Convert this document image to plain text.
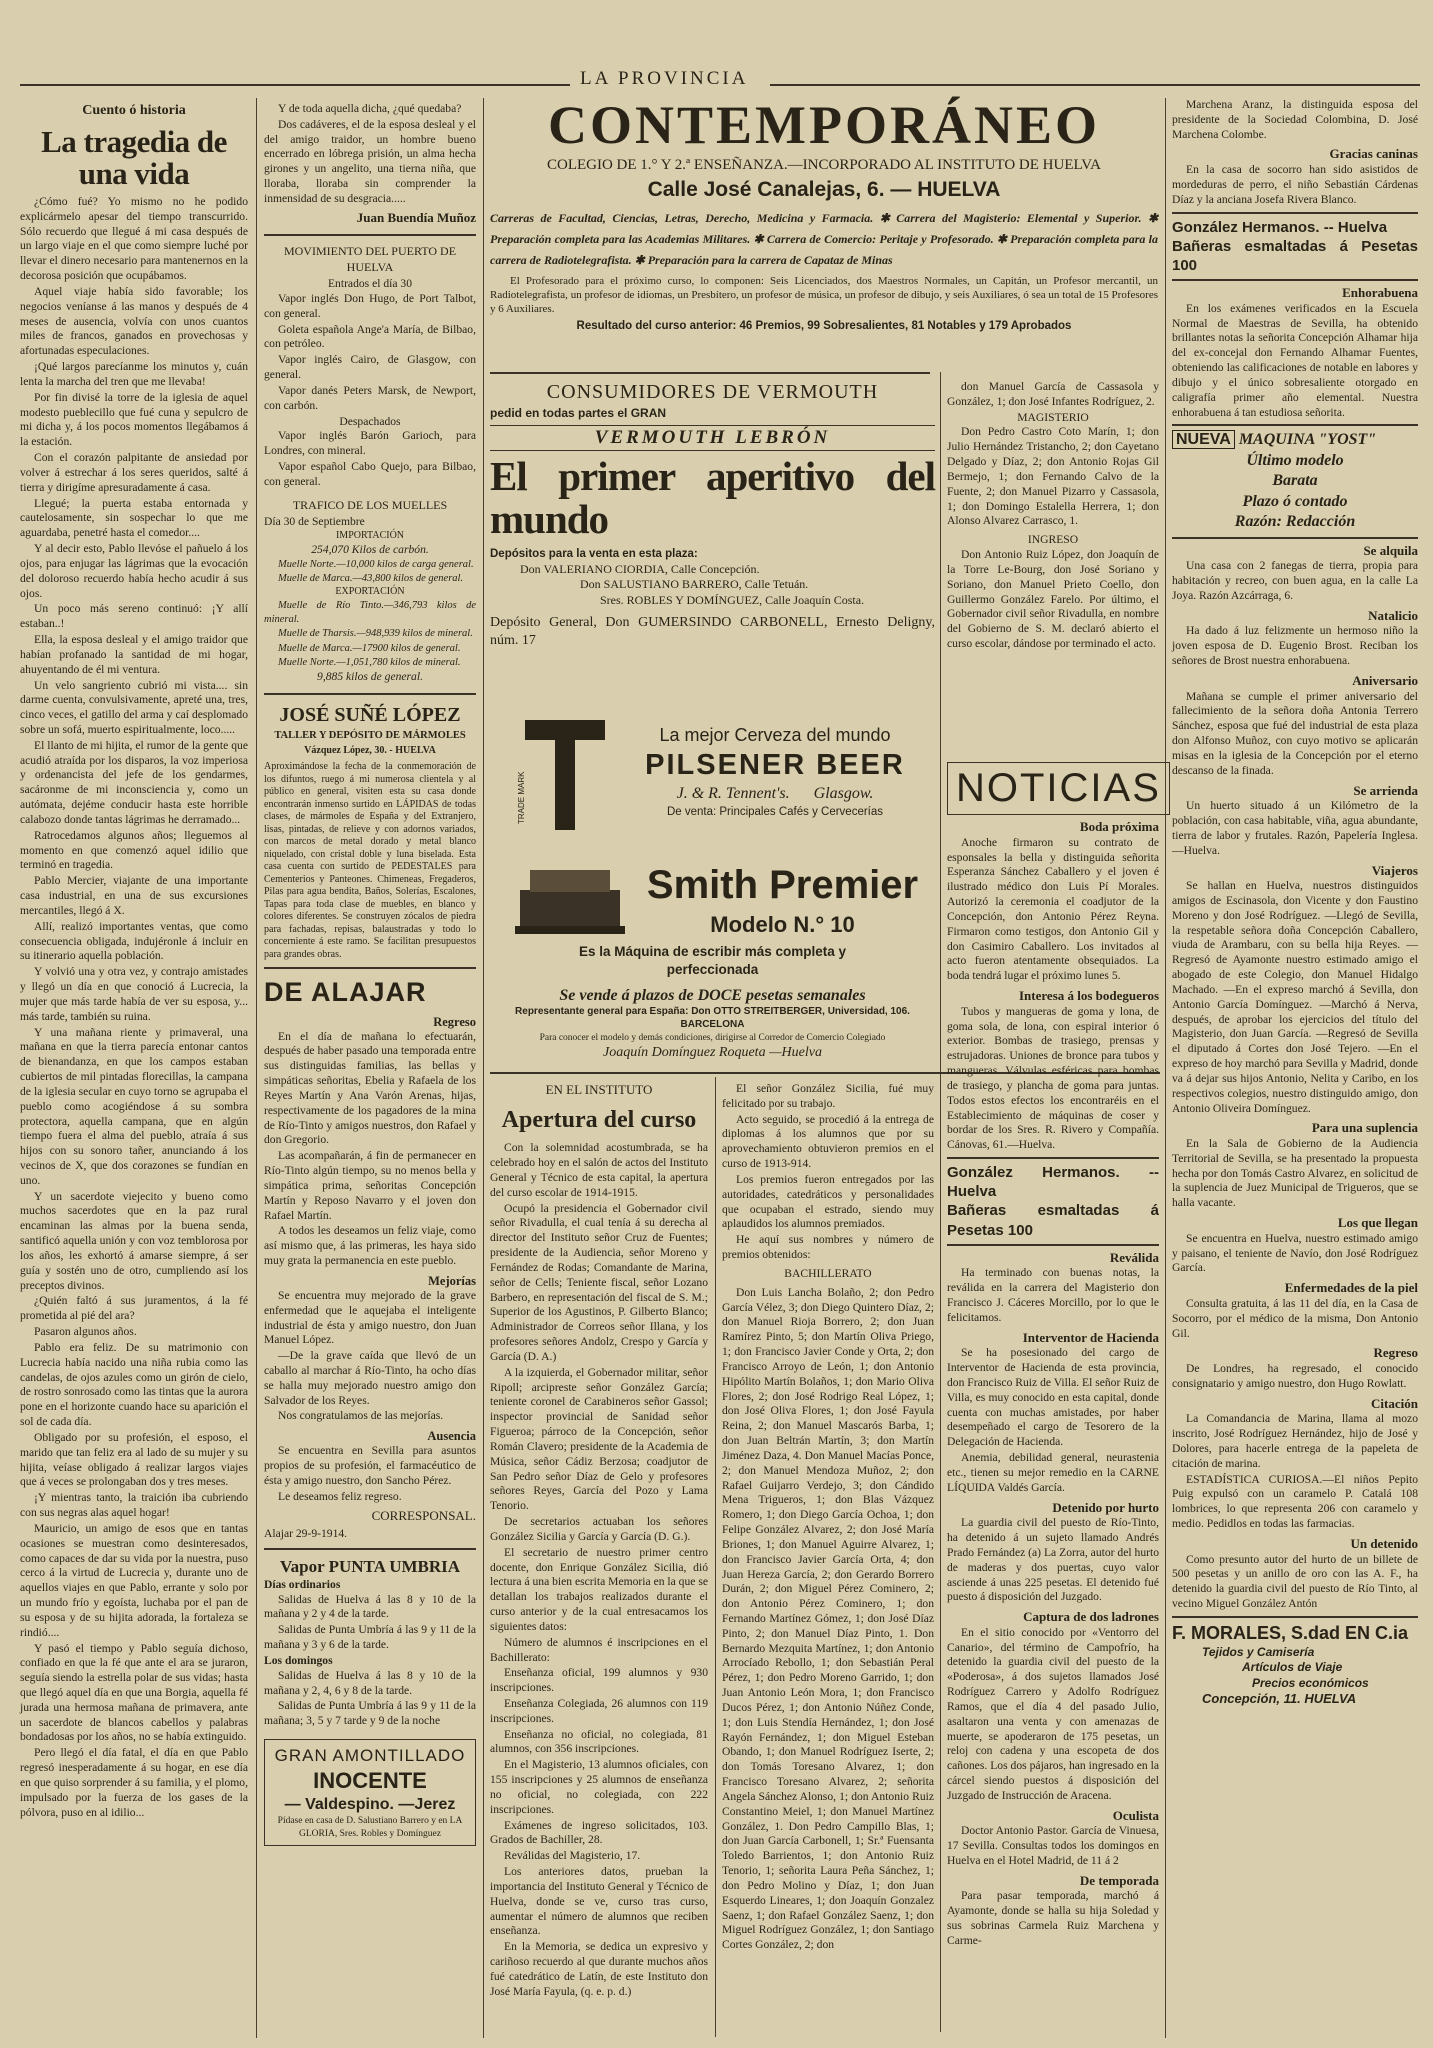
LA PROVINCIA
Cuento ó historia
La tragedia de una vida

¿Cómo fué? Yo mismo no he podido explicármelo apesar del tiempo transcurrido. Sólo recuerdo que llegué á mi casa después de un largo viaje en el que como siempre luché por llevar el dinero necesario para mantenernos en la decorosa posición que ocupábamos.

Aquel viaje había sido favorable; los negocios veníanse á las manos y después de 4 meses de ausencia, volvía con unos cuantos miles de francos, ganados en provechosas y afortunadas especulaciones.

¡Qué largos parecíanme los minutos y, cuán lenta la marcha del tren que me llevaba!

Por fin divisé la torre de la iglesia de aquel modesto pueblecillo que fué cuna y sepulcro de mi dicha y, á los pocos momentos llegábamos á la estación.

Con el corazón palpitante de ansiedad por volver á estrechar á los seres queridos, salté á tierra y dirigíme apresuradamente á casa.

Llegué; la puerta estaba entornada y cautelosamente, sin sospechar lo que me aguardaba, penetré hasta el comedor....

Y al decir esto, Pablo llevóse el pañuelo á los ojos, para enjugar las lágrimas que la evocación del doloroso recuerdo había hecho acudir á sus ojos.

Un poco más sereno continuó: ¡Y allí estaban..!

Ella, la esposa desleal y el amigo traidor que habían profanado la santidad de mi hogar, ahuyentando de él mi ventura.

Un velo sangriento cubrió mi vista.... sin darme cuenta, convulsivamente, apreté una, tres, cinco veces, el gatillo del arma y caí desplomado sobre un sofá, muerto espiritualmente, loco.....

El llanto de mi hijita, el rumor de la gente que acudió atraída por los disparos, la voz imperiosa y ordenancista del jefe de los gendarmes, sacáronme de mi inconsciencia y, como un autómata, dejéme conducir hasta este horrible calabozo donde tantas lágrimas he derramado...

Ratrocedamos algunos años; lleguemos al momento en que comenzó aquel idilio que terminó en tragedia.

Pablo Mercier, viajante de una importante casa industrial, en una de sus excursiones mercantiles, llegó á X.

Allí, realizó importantes ventas, que como consecuencia obligada, indujéronle á incluir en su itinerario aquella población.

Y volvió una y otra vez, y contrajo amistades y llegó un día en que conoció á Lucrecia, la mujer que más tarde había de ver su esposa, y... más tarde, también su ruina.

Y una mañana riente y primaveral, una mañana en que la tierra parecía entonar cantos de bienandanza, en que los campos estaban cubiertos de mil pintadas florecillas, la campana de la iglesia secular en cuyo torno se agrupaba el pueblo como acogiéndose á su sombra protectora, aquella campana, que en algún tiempo fuera el alma del pueblo, atraía á sus hijos con su sonoro tañer, anunciando á los vecinos de X, que dos corazones se fundían en uno.

Y un sacerdote viejecito y bueno como muchos sacerdotes que en la paz rural encaminan las almas por la buena senda, santificó aquella unión y con voz temblorosa por los años, les exhortó á amarse siempre, á ser guía y sostén uno de otro, cumpliendo así los preceptos divinos.

¿Quién faltó á sus juramentos, á la fé prometida al pié del ara?

Pasaron algunos años.

Pablo era feliz. De su matrimonio con Lucrecia había nacido una niña rubia como las candelas, de ojos azules como un girón de cielo, de rostro sonrosado como las tintas que la aurora pone en el horizonte cuando hace su aparición el sol de cada día.

Obligado por su profesión, el esposo, el marido que tan feliz era al lado de su mujer y su hijita, veíase obligado á realizar largos viajes que á veces se prolongaban dos y tres meses.

¡Y mientras tanto, la traición iba cubriendo con sus negras alas aquel hogar!

Mauricio, un amigo de esos que en tantas ocasiones se muestran como desinteresados, como capaces de dar su vida por la nuestra, puso cerco á la virtud de Lucrecia y, durante uno de aquellos viajes en que Pablo, errante y solo por un mundo frío y egoísta, luchaba por el pan de su esposa y de su hijita adorada, la fortaleza se rindió....

Y pasó el tiempo y Pablo seguía dichoso, confiado en que la fé que ante el ara se juraron, seguía siendo la estrella polar de sus vidas; hasta que llegó aquel día en que una Borgia, aquella fé jurada una hermosa mañana de primavera, ante un sacerdote de blancos cabellos y palabras bondadosas por los años, no se había extinguido.

Pero llegó el día fatal, el día en que Pablo regresó inesperadamente á su hogar, en ese día en que quiso sorprender á su familia, y el plomo, impulsado por la fuerza de los gases de la pólvora, puso en al idilio...

Y de toda aquella dicha, ¿qué quedaba?

Dos cadáveres, el de la esposa desleal y el del amigo traidor, un hombre bueno encerrado en lóbrega prisión, un alma hecha girones y un angelito, una tierna niña, que lloraba, lloraba sin comprender la inmensidad de su desgracia.....

Juan Buendía Muñoz
MOVIMIENTO DEL PUERTO DE HUELVA
Entrados el día 30

Vapor inglés Don Hugo, de Port Talbot, con general.

Goleta española Ange'a María, de Bilbao, con petróleo.

Vapor inglés Cairo, de Glasgow, con general.

Vapor danés Peters Marsk, de Newport, con carbón.

Despachados

Vapor inglés Barón Garioch, para Londres, con mineral.

Vapor español Cabo Quejo, para Bilbao, con general.

TRAFICO DE LOS MUELLES
Día 30 de Septiembre
IMPORTACIÓN
254,070 Kilos de carbón.

Muelle Norte.—10,000 kilos de carga general.

Muelle de Marca.—43,800 kilos de general.

EXPORTACIÓN

Muelle de Río Tinto.—346,793 kilos de mineral.

Muelle de Tharsis.—948,939 kilos de mineral.

Muelle de Marca.—17900 kilos de general.

Muelle Norte.—1,051,780 kilos de mineral.

9,885 kilos de general.
JOSÉ SUÑÉ LÓPEZ
TALLER Y DEPÓSITO DE MÁRMOLES
Vázquez López, 30. - HUELVA
Aproximándose la fecha de la conmemoración de los difuntos, ruego á mi numerosa clientela y al público en general, visiten esta su casa donde encontrarán inmenso surtido en LÁPIDAS de todas clases, de mármoles de España y del Extranjero, lisas, pintadas, de relieve y con adornos variados, con marcos de metal dorado y metal blanco niquelado, con cristal doble y luna biselada. Esta casa cuenta con surtido de PEDESTALES para Cementerios y Panteones. Chimeneas, Fregaderos, Pilas para agua bendita, Baños, Solerías, Escalones, Tapas para toda clase de muebles, en blanco y colores diferentes. Se construyen zócalos de piedra para fachadas, repisas, balaustradas y todo lo concerniente á este ramo. Se facilitan presupuestos para grandes obras.
DE ALAJAR
Regreso

En el día de mañana lo efectuarán, después de haber pasado una temporada entre sus distinguidas familias, las bellas y simpáticas señoritas, Ebelia y Rafaela de los Reyes Martín y Ana Varón Arenas, hijas, respectivamente de los pagadores de la mina de Río-Tinto y amigos nuestros, don Rafael y don Gregorio.

Las acompañarán, á fin de permanecer en Río-Tinto algún tiempo, su no menos bella y simpática prima, señoritas Concepción Martín y Reposo Navarro y el joven don Rafael Martín.

A todos les deseamos un feliz viaje, como así mismo que, á las primeras, les haya sido muy grata la permanencia en este pueblo.

Mejorías

Se encuentra muy mejorado de la grave enfermedad que le aquejaba el inteligente industrial de ésta y amigo nuestro, don Juan Manuel López.

—De la grave caída que llevó de un caballo al marchar á Río-Tinto, ha ocho días se halla muy mejorado nuestro amigo don Salvador de los Reyes.

Nos congratulamos de las mejorías.

Ausencia

Se encuentra en Sevilla para asuntos propios de su profesión, el farmacéutico de ésta y amigo nuestro, don Sancho Pérez.

Le deseamos feliz regreso.

CORRESPONSAL.
Alajar 29-9-1914.
Vapor PUNTA UMBRIA
Días ordinarios

Salidas de Huelva á las 8 y 10 de la mañana y 2 y 4 de la tarde.

Salidas de Punta Umbría á las 9 y 11 de la mañana y 3 y 6 de la tarde.

Los domingos

Salidas de Huelva á las 8 y 10 de la mañana y 2, 4, 6 y 8 de la tarde.

Salidas de Punta Umbría á las 9 y 11 de la mañana; 3, 5 y 7 tarde y 9 de la noche

GRAN AMONTILLADO
INOCENTE
— Valdespino. —Jerez
Pídase en casa de D. Salustiano Barrero y en LA GLORIA, Sres. Robles y Domínguez
CONTEMPORÁNEO
COLEGIO DE 1.° Y 2.ª ENSEÑANZA.—INCORPORADO AL INSTITUTO DE HUELVA
Calle José Canalejas, 6. — HUELVA
Carreras de Facultad, Ciencias, Letras, Derecho, Medicina y Farmacia. ✱ Carrera del Magisterio: Elemental y Superior. ✱ Preparación completa para las Academias Militares. ✱ Carrera de Comercio: Peritaje y Profesorado. ✱ Preparación completa para la carrera de Radiotelegrafista. ✱ Preparación para la carrera de Capataz de Minas
El Profesorado para el próximo curso, lo componen: Seis Licenciados, dos Maestros Normales, un Capitán, un Profesor mercantil, un Radiotelegrafista, un profesor de idiomas, un Presbítero, un profesor de música, un profesor de dibujo, y seis Auxiliares, ó sea un total de 15 Profesores y 6 Auxiliares.
Resultado del curso anterior: 46 Premios, 99 Sobresalientes, 81 Notables y 179 Aprobados
CONSUMIDORES DE VERMOUTH
pedid en todas partes el GRAN
VERMOUTH LEBRÓN
El primer aperitivo del mundo
Depósitos para la venta en esta plaza:
Don VALERIANO CIORDIA, Calle Concepción.
Don SALUSTIANO BARRERO, Calle Tetuán.
Sres. ROBLES Y DOMÍNGUEZ, Calle Joaquín Costa.
Depósito General, Don GUMERSINDO CARBONELL, Ernesto Deligny, núm. 17
TRADE MARK
La mejor Cerveza del mundo
PILSENER BEER
J. & R. Tennent's.      Glasgow.
De venta: Principales Cafés y Cervecerías
Smith Premier
Modelo N.° 10
Es la Máquina de escribir más completa y perfeccionada
Se vende á plazos de DOCE pesetas semanales
Representante general para España: Don OTTO STREITBERGER, Universidad, 106. BARCELONA
Para conocer el modelo y demás condiciones, dirigirse al Corredor de Comercio Colegiado
Joaquín Domínguez Roqueta —Huelva
EN EL INSTITUTO
Apertura del curso

Con la solemnidad acostumbrada, se ha celebrado hoy en el salón de actos del Instituto General y Técnico de esta capital, la apertura del curso escolar de 1914-1915.

Ocupó la presidencia el Gobernador civil señor Rivadulla, el cual tenía á su derecha al director del Instituto señor Cruz de Fuentes; presidente de la Audiencia, señor Moreno y Fernández de Rodas; Comandante de Marina, señor de Cells; Teniente fiscal, señor Lozano Barbero, en representación del fiscal de S. M.; Superior de los Agustinos, P. Gilberto Blanco; Administrador de Correos señor Illana, y los profesores señores Andolz, Crespo y García y García (D. A.)

A la izquierda, el Gobernador militar, señor Ripoll; arcipreste señor González García; teniente coronel de Carabineros señor Gassol; inspector provincial de Sanidad señor Figueroa; párroco de la Concepción, señor Román Clavero; presidente de la Academia de Música, señor Cádiz Berzosa; coadjutor de San Pedro señor Díaz de Gelo y profesores señores Reyes, García del Pozo y Lama Tenorio.

De secretarios actuaban los señores González Sicilia y García y García (D. G.).

El secretario de nuestro primer centro docente, don Enrique González Sicilia, dió lectura á una bien escrita Memoria en la que se detallan los trabajos realizados durante el curso anterior y de la cual entresacamos los siguientes datos:

Número de alumnos é inscripciones en el Bachillerato:

Enseñanza oficial, 199 alumnos y 930 inscripciones.

Enseñanza Colegiada, 26 alumnos con 119 inscripciones.

Enseñanza no oficial, no colegiada, 81 alumnos, con 356 inscripciones.

En el Magisterio, 13 alumnos oficiales, con 155 inscripciones y 25 alumnos de enseñanza no oficial, no colegiada, con 222 inscripciones.

Exámenes de ingreso solicitados, 103. Grados de Bachiller, 28.

Reválidas del Magisterio, 17.

Los anteriores datos, prueban la importancia del Instituto General y Técnico de Huelva, donde se ve, curso tras curso, aumentar el número de alumnos que reciben enseñanza.

En la Memoria, se dedica un expresivo y cariñoso recuerdo al que durante muchos años fué catedrático de Latín, de este Instituto don José María Fayula, (q. e. p. d.)

El señor González Sicilia, fué muy felicitado por su trabajo.

Acto seguido, se procedió á la entrega de diplomas á los alumnos que por su aprovechamiento obtuvieron premios en el curso de 1913-914.

Los premios fueron entregados por las autoridades, catedráticos y personalidades que ocupaban el estrado, siendo muy aplaudidos los alumnos premiados.

He aquí sus nombres y número de premios obtenidos:

BACHILLERATO

Don Luis Lancha Bolaño, 2; don Pedro García Vélez, 3; don Diego Quintero Díaz, 2; don Manuel Rioja Borrero, 2; don Juan Ramírez Pinto, 5; don Martín Oliva Priego, 1; don Francisco Javier Conde y Orta, 2; don Francisco Arroyo de León, 1; don Antonio Hipólito Martín Bolaños, 1; don Mario Oliva Flores, 2; don José Rodrigo Real López, 1; don José Oliva Flores, 1; don José Fayula Reina, 2; don Manuel Mascarós Barba, 1; don Juan Beltrán Martín, 3; don Martín Jiménez Daza, 4. Don Manuel Macías Ponce, 2; don Manuel Mendoza Muñoz, 2; don Rafael Guijarro Verdejo, 3; don Cándido Mena Trigueros, 1; don Blas Vázquez Romero, 1; don Diego García Ochoa, 1; don Felipe González Alvarez, 2; don José María Briones, 1; don Manuel Aguirre Alvarez, 1; don Francisco Javier García Orta, 4; don Juan Hereza García, 2; don Gerardo Borrero Durán, 2; don Miguel Pérez Cominero, 2; don Antonio Pérez Cominero, 1; don Fernando Martínez Gómez, 1; don José Díaz Pinto, 2; don Manuel Díaz Pinto, 1. Don Bernardo Mezquita Martínez, 1; don Antonio Arrocíado Rebollo, 1; don Sebastián Peral Pérez, 1; don Pedro Moreno Garrido, 1; don Juan Antonio León Mora, 1; don Francisco Ducos Pérez, 1; don Antonio Núñez Conde, 1; don Luis Stendía Hernández, 1; don José Rayón Fernández, 1; don Miguel Esteban Obando, 1; don Manuel Rodríguez Iserte, 2; don Tomás Toresano Alvarez, 1; don Francisco Toresano Alvarez, 2; señorita Angela Sánchez Alonso, 1; don Antonio Ruiz Constantino Meiel, 1; don Manuel Martínez González, 1. Don Pedro Campillo Blas, 1; don Juan García Carbonell, 1; Sr.ª Fuensanta Toledo Barrientos, 1; don Antonio Ruiz Tenorio, 1; señorita Laura Peña Sánchez, 1; don Pedro Molino y Díaz, 1; don Juan Esquerdo Lineares, 1; don Joaquín Gonzalez Saenz, 1; don Rafael González Saenz, 1; don Miguel Rodríguez González, 1; don Santiago Cortes González, 2; don

don Manuel García de Cassasola y González, 1; don José Infantes Rodríguez, 2.

MAGISTERIO

Don Pedro Castro Coto Marín, 1; don Julio Hernández Tristancho, 2; don Cayetano Delgado y Díaz, 2; don Antonio Rojas Gil Bermejo, 1; don Fernando Calvo de la Fuente, 2; don Manuel Pizarro y Cassasola, 1; don Domingo Estalella Herrera, 1; don Alonso Alvarez Carrasco, 1.

INGRESO

Don Antonio Ruiz López, don Joaquín de la Torre Le-Bourg, don José Soriano y Soriano, don Manuel Prieto Coello, don Guillermo González Farelo. Por último, el Gobernador civil señor Rivadulla, en nombre del Gobierno de S. M. declaró abierto el curso escolar, dándose por terminado el acto.

NOTICIAS
Boda próxima

Anoche firmaron su contrato de esponsales la bella y distinguida señorita Esperanza Sánchez Caballero y el joven é ilustrado médico don Luis Pí Morales. Autorizó la ceremonia el coadjutor de la Concepción, don Antonio Pérez Reyna. Firmaron como testigos, don Antonio Gil y don Casimiro Caballero. Los invitados al acto fueron atentamente obsequiados. La boda tendrá lugar el próximo lunes 5.

Interesa á los bodegueros

Tubos y mangueras de goma y lona, de goma sola, de lona, con espiral interior ó exterior. Bombas de trasiego, prensas y estrujadoras. Uniones de bronce para tubos y mangueras. Válvulas esféricas para bombas de trasiego, y plancha de goma para juntas. Todos estos efectos los encontraréis en el Establecimiento de máquinas de coser y bordar de los Sres. R. Rivero y Compañía. Cánovas, 61.—Huelva.

González Hermanos. -- Huelva
Bañeras esmaltadas á Pesetas 100
Reválida

Ha terminado con buenas notas, la reválida en la carrera del Magisterio don Francisco J. Cáceres Morcillo, por lo que le felicitamos.

Interventor de Hacienda

Se ha posesionado del cargo de Interventor de Hacienda de esta provincia, don Francisco Ruiz de Villa. El señor Ruiz de Villa, es muy conocido en esta capital, donde cuenta con muchas amistades, por haber desempeñado el cargo de Tesorero de la Delegación de Hacienda.

Anemia, debilidad general, neurastenia etc., tienen su mejor remedio en la CARNE LÍQUIDA Valdés García.

Detenido por hurto

La guardia civil del puesto de Río-Tinto, ha detenido á un sujeto llamado Andrés Prado Fernández (a) La Zorra, autor del hurto de maderas y dos puertas, cuyo valor asciende á unas 225 pesetas. El detenido fué puesto á disposición del Juzgado.

Captura de dos ladrones

En el sitio conocido por «Ventorro del Canario», del término de Campofrío, ha detenido la guardia civil del puesto de la «Poderosa», á dos sujetos llamados José Rodríguez Carrero y Adolfo Rodríguez Ramos, que el día 4 del pasado Julio, asaltaron una venta y con amenazas de muerte, se apoderaron de 175 pesetas, un reloj con cadena y una escopeta de dos cañones. Los dos pájaros, han ingresado en la cárcel siendo puestos á disposición del Juzgado de Instrucción de Aracena.

Oculista

Doctor Antonio Pastor. García de Vinuesa, 17 Sevilla. Consultas todos los domingos en Huelva en el Hotel Madrid, de 11 á 2

De temporada

Para pasar temporada, marchó á Ayamonte, donde se halla su hija Soledad y sus sobrinas Carmela Ruiz Marchena y Carme-

Marchena Aranz, la distinguida esposa del presidente de la Sociedad Colombina, D. José Marchena Colombe.

Gracias caninas

En la casa de socorro han sido asistidos de mordeduras de perro, el niño Sebastián Cárdenas Díaz y la anciana Josefa Rivera Blanco.

González Hermanos. -- Huelva
Bañeras esmaltadas á Pesetas 100
Enhorabuena

En los exámenes verificados en la Escuela Normal de Maestras de Sevilla, ha obtenido brillantes notas la señorita Concepción Alhamar hija del ex-concejal don Fernando Alhamar Fuentes, obteniendo las calificaciones de notable en labores y dibujo y el único sobresaliente otorgado en caligrafía primer año elemental. Nuestra enhorabuena á tan estudiosa señorita.

NUEVA MAQUINA "YOST"
Último modelo
Barata
Plazo ó contado
Razón: Redacción
Se alquila

Una casa con 2 fanegas de tierra, propia para habitación y recreo, con buen agua, en la calle La Joya. Razón Azcárraga, 6.

Natalicio

Ha dado á luz felizmente un hermoso niño la joven esposa de D. Eugenio Brost. Reciban los señores de Brost nuestra enhorabuena.

Aniversario

Mañana se cumple el primer aniversario del fallecimiento de la señora doña Antonia Terrero Sánchez, esposa que fué del industrial de esta plaza don Alfonso Muñoz, con cuyo motivo se aplicarán misas en la iglesia de la Concepción por el eterno descanso de la finada.

Se arrienda

Un huerto situado á un Kilómetro de la población, con casa habitable, viña, agua abundante, tierra de labor y frutales. Razón, Papelería Inglesa.—Huelva.

Viajeros

Se hallan en Huelva, nuestros distinguidos amigos de Escinasola, don Vicente y don Faustino Moreno y don José Rodríguez. —Llegó de Sevilla, la respetable señora doña Concepción Caballero, viuda de Arambaru, con su bella hija Reyes. —Regresó de Ayamonte nuestro estimado amigo el abogado de este Colegio, don Manuel Hidalgo Machado. —En el expreso marchó á Sevilla, don Antonio García Domínguez. —Marchó á Nerva, después, de aprobar los ejercicios del título del Magisterio, don Juan García. —Regresó de Sevilla el diputado á Cortes don José Tejero. —En el expreso de hoy marchó para Sevilla y Madrid, donde va á dejar sus hijos Antonio, Nelita y Caribo, en los respectivos colegios, nuestro distinguido amigo, don Antonio Oliveira Domínguez.

Para una suplencia

En la Sala de Gobierno de la Audiencia Territorial de Sevilla, se ha presentado la propuesta hecha por don Tomás Castro Alvarez, en solicitud de la suplencia de Juez Municipal de Trigueros, que se halla vacante.

Los que llegan

Se encuentra en Huelva, nuestro estimado amigo y paisano, el teniente de Navío, don José Rodríguez García.

Enfermedades de la piel

Consulta gratuita, á las 11 del día, en la Casa de Socorro, por el médico de la misma, Don Antonio Gil.

Regreso

De Londres, ha regresado, el conocido consignatario y amigo nuestro, don Hugo Rowlatt.

Citación

La Comandancia de Marina, llama al mozo inscrito, José Rodríguez Hernández, hijo de José y Dolores, para hacerle entrega de la papeleta de citación de marina.

ESTADÍSTICA CURIOSA.—El niños Pepito Puig expulsó con un caramelo P. Catalá 108 lombrices, lo que representa 206 con caramelo y medio. Pedidlos en todas las farmacias.

Un detenido

Como presunto autor del hurto de un billete de 500 pesetas y un anillo de oro con las A. F., ha detenido la guardia civil del puesto de Río Tinto, al vecino Miguel González Antón

F. MORALES, S.dad EN C.ia
Tejidos y Camisería
Artículos de Viaje
Precios económicos
Concepción, 11. HUELVA
